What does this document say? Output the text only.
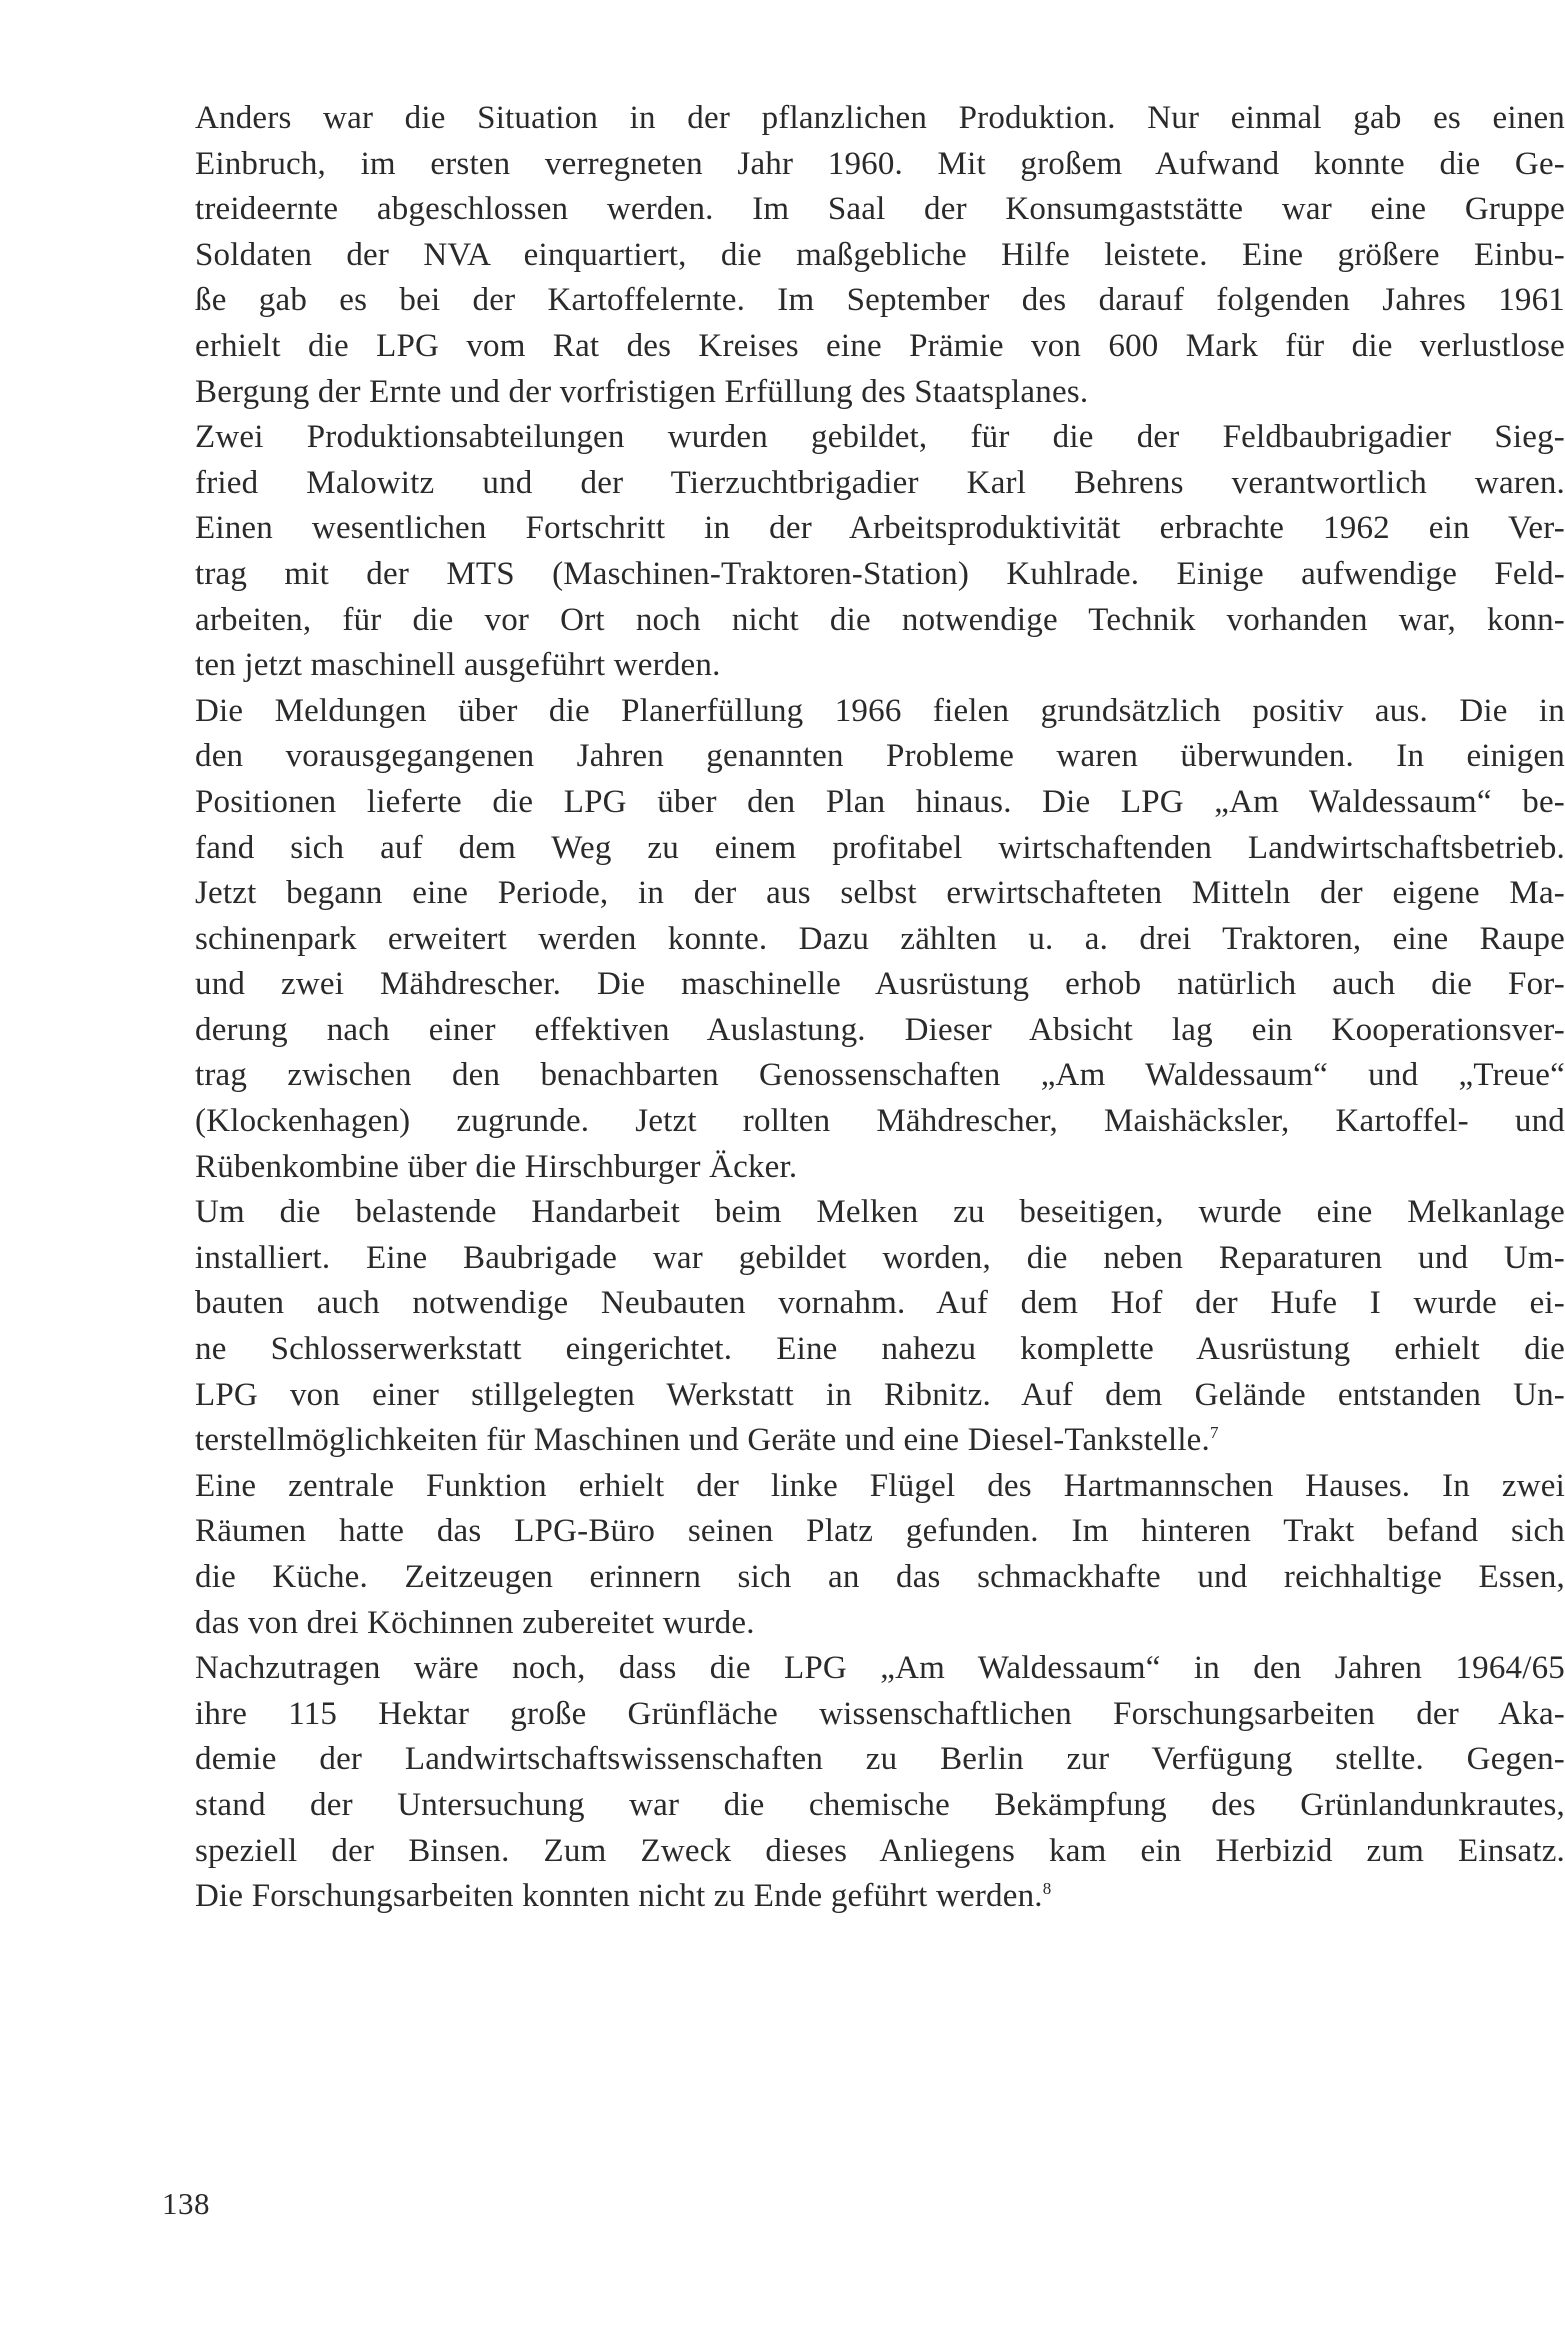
Anders war die Situation in der pflanzlichen Produktion. Nur einmal gab es einen
Einbruch, im ersten verregneten Jahr 1960. Mit großem Aufwand konnte die Ge-
treideernte abgeschlossen werden. Im Saal der Konsumgaststätte war eine Gruppe
Soldaten der NVA einquartiert, die maßgebliche Hilfe leistete. Eine größere Einbu-
ße gab es bei der Kartoffelernte. Im September des darauf folgenden Jahres 1961
erhielt die LPG vom Rat des Kreises eine Prämie von 600 Mark für die verlustlose
Bergung der Ernte und der vorfristigen Erfüllung des Staatsplanes.
Zwei Produktionsabteilungen wurden gebildet, für die der Feldbaubrigadier Sieg-
fried Malowitz und der Tierzuchtbrigadier Karl Behrens verantwortlich waren.
Einen wesentlichen Fortschritt in der Arbeitsproduktivität erbrachte 1962 ein Ver-
trag mit der MTS (Maschinen-Traktoren-Station) Kuhlrade. Einige aufwendige Feld-
arbeiten, für die vor Ort noch nicht die notwendige Technik vorhanden war, konn-
ten jetzt maschinell ausgeführt werden.
Die Meldungen über die Planerfüllung 1966 fielen grundsätzlich positiv aus. Die in
den vorausgegangenen Jahren genannten Probleme waren überwunden. In einigen
Positionen lieferte die LPG über den Plan hinaus. Die LPG „Am Waldessaum“ be-
fand sich auf dem Weg zu einem profitabel wirtschaftenden Landwirtschaftsbetrieb.
Jetzt begann eine Periode, in der aus selbst erwirtschafteten Mitteln der eigene Ma-
schinenpark erweitert werden konnte. Dazu zählten u. a. drei Traktoren, eine Raupe
und zwei Mähdrescher. Die maschinelle Ausrüstung erhob natürlich auch die For-
derung nach einer effektiven Auslastung. Dieser Absicht lag ein Kooperationsver-
trag zwischen den benachbarten Genossenschaften „Am Waldessaum“ und „Treue“
(Klockenhagen) zugrunde. Jetzt rollten Mähdrescher, Maishäcksler, Kartoffel- und
Rübenkombine über die Hirschburger Äcker.
Um die belastende Handarbeit beim Melken zu beseitigen, wurde eine Melkanlage
installiert. Eine Baubrigade war gebildet worden, die neben Reparaturen und Um-
bauten auch notwendige Neubauten vornahm. Auf dem Hof der Hufe I wurde ei-
ne Schlosserwerkstatt eingerichtet. Eine nahezu komplette Ausrüstung erhielt die
LPG von einer stillgelegten Werkstatt in Ribnitz. Auf dem Gelände entstanden Un-
terstellmöglichkeiten für Maschinen und Geräte und eine Diesel-Tankstelle.$^7$
Eine zentrale Funktion erhielt der linke Flügel des Hartmannschen Hauses. In zwei
Räumen hatte das LPG-Büro seinen Platz gefunden. Im hinteren Trakt befand sich
die Küche. Zeitzeugen erinnern sich an das schmackhafte und reichhaltige Essen,
das von drei Köchinnen zubereitet wurde.
Nachzutragen wäre noch, dass die LPG „Am Waldessaum“ in den Jahren 1964/65
ihre 115 Hektar große Grünfläche wissenschaftlichen Forschungsarbeiten der Aka-
demie der Landwirtschaftswissenschaften zu Berlin zur Verfügung stellte. Gegen-
stand der Untersuchung war die chemische Bekämpfung des Grünlandunkrautes,
speziell der Binsen. Zum Zweck dieses Anliegens kam ein Herbizid zum Einsatz.
Die Forschungsarbeiten konnten nicht zu Ende geführt werden.$^8$
138
